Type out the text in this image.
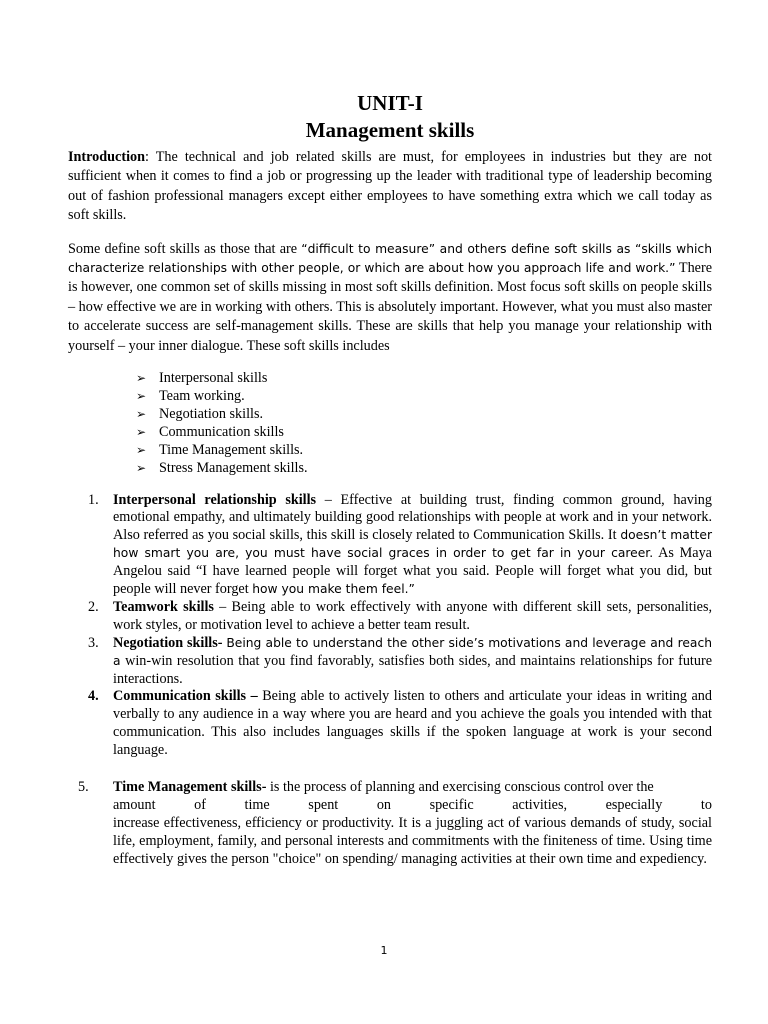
UNIT-I
Management skills

Introduction: The technical and job related skills are must, for employees in industries but they are not sufficient when it comes to find a job or progressing up the leader with traditional type of leadership becoming out of fashion professional managers except either employees to have something extra which we call today as soft skills.

Some define soft skills as those that are “difficult to measure” and others define soft skills as “skills which characterize relationships with other people, or which are about how you approach life and work.” There is however, one common set of skills missing in most soft skills definition. Most focus soft skills on people skills – how effective we are in working with others. This is absolutely important. However, what you must also master to accelerate success are self-management skills. These are skills that help you manage your relationship with yourself – your inner dialogue. These soft skills includes

➢ Interpersonal skills
➢ Team working.
➢ Negotiation skills.
➢ Communication skills
➢ Time Management skills.
➢ Stress Management skills.
1. Interpersonal relationship skills – Effective at building trust, finding common ground, having emotional empathy, and ultimately building good relationships with people at work and in your network. Also referred as you social skills, this skill is closely related to Communication Skills. It doesn’t matter how smart you are, you must have social graces in order to get far in your career. As Maya Angelou said “I have learned people will forget what you said. People will forget what you did, but people will never forget how you make them feel.”
2. Teamwork skills – Being able to work effectively with anyone with different skill sets, personalities, work styles, or motivation level to achieve a better team result.
3. Negotiation skills- Being able to understand the other side’s motivations and leverage and reach a win-win resolution that you find favorably, satisfies both sides, and maintains relationships for future interactions.
4. Communication skills – Being able to actively listen to others and articulate your ideas in writing and verbally to any audience in a way where you are heard and you achieve the goals you intended with that communication. This also includes languages skills if the spoken language at work is your second language.
5. Time Management skills- is the process of planning and exercising conscious control over the
amount	of	time	spent	on	specific	activities,	especially	to
increase effectiveness, efficiency or productivity. It is a juggling act of various demands of study, social life, employment, family, and personal interests and commitments with the finiteness of time. Using time effectively gives the person "choice" on spending/ managing activities at their own time and expediency.
1
